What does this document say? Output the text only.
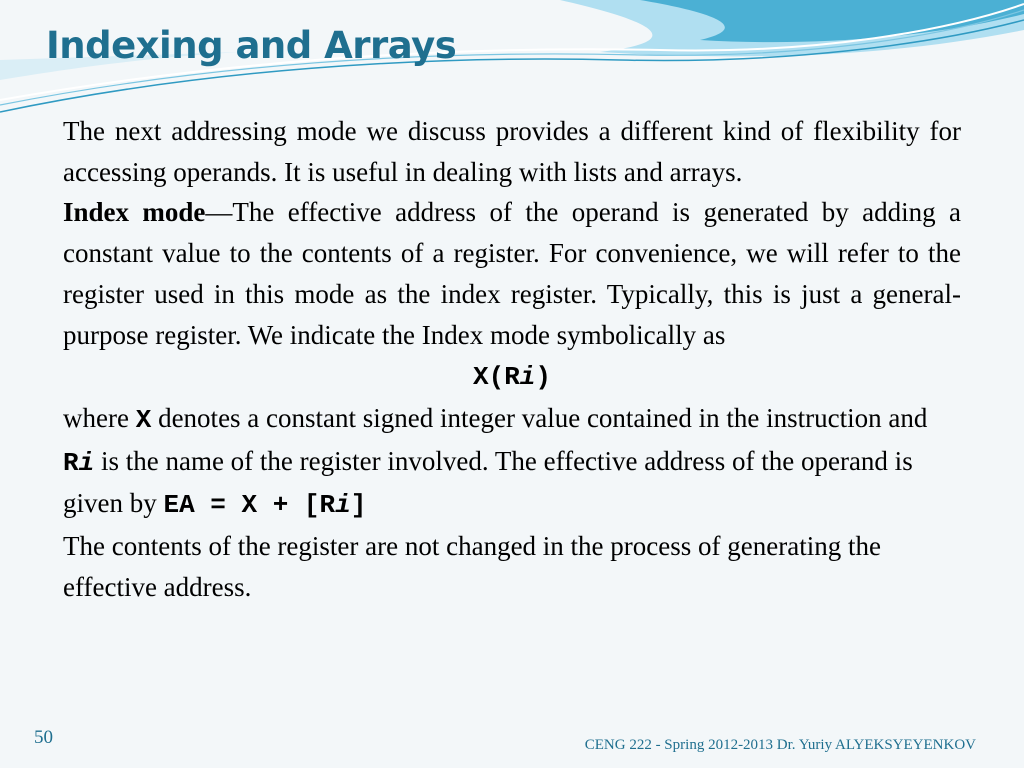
Indexing and Arrays

The next addressing mode we discuss provides a different kind of flexibility for accessing operands. It is useful in dealing with lists and arrays.

Index mode—The effective address of the operand is generated by adding a constant value to the contents of a register. For convenience, we will refer to the register used in this mode as the index register. Typically, this is just a general-purpose register. We indicate the Index mode symbolically as

X(Ri)

where X denotes a constant signed integer value contained in the instruction and Ri is the name of the register involved. The effective address of the operand is given by EA = X + [Ri]

The contents of the register are not changed in the process of generating the effective address.

50	CENG 222 - Spring 2012-2013 Dr. Yuriy ALYEKSYEYENKOV
